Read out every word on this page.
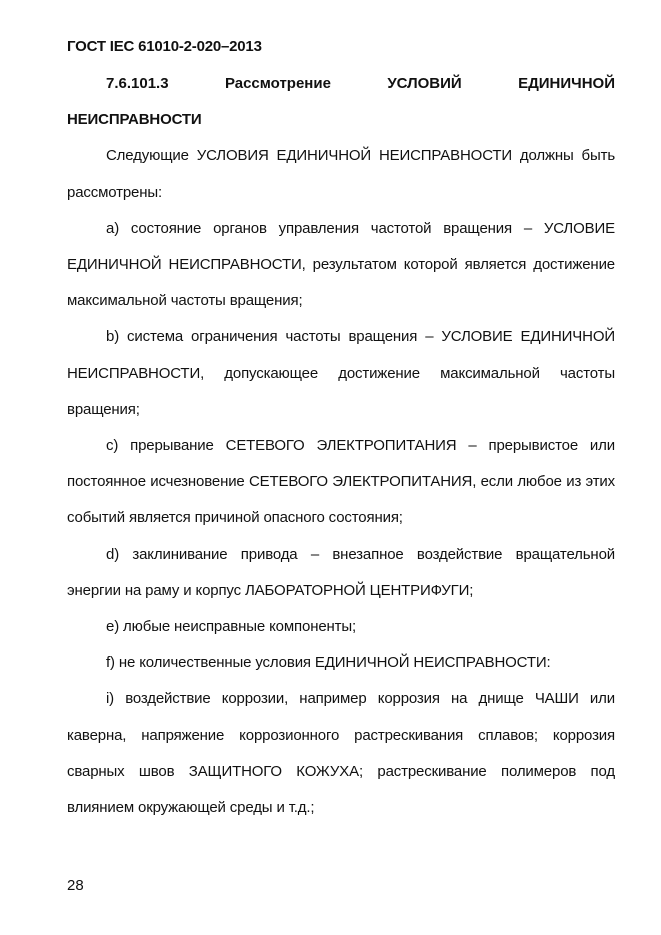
ГОСТ IEC 61010-2-020–2013
7.6.101.3	Рассмотрение	УСЛОВИЙ	ЕДИНИЧНОЙ

НЕИСПРАВНОСТИ

Следующие УСЛОВИЯ ЕДИНИЧНОЙ НЕИСПРАВНОСТИ должны быть рассмотрены:

a) состояние органов управления частотой вращения – УСЛОВИЕ ЕДИНИЧНОЙ НЕИСПРАВНОСТИ, результатом которой является достижение максимальной частоты вращения;

b) система ограничения частоты вращения – УСЛОВИЕ ЕДИНИЧНОЙ НЕИСПРАВНОСТИ, допускающее достижение максимальной частоты вращения;

c) прерывание СЕТЕВОГО ЭЛЕКТРОПИТАНИЯ – прерывистое или постоянное исчезновение СЕТЕВОГО ЭЛЕКТРОПИТАНИЯ, если любое из этих событий является причиной опасного состояния;

d) заклинивание привода – внезапное воздействие вращательной энергии на раму и корпус ЛАБОРАТОРНОЙ ЦЕНТРИФУГИ;

e) любые неисправные компоненты;

f) не количественные условия ЕДИНИЧНОЙ НЕИСПРАВНОСТИ:

i) воздействие коррозии, например коррозия на днище ЧАШИ или каверна, напряжение коррозионного растрескивания сплавов; коррозия сварных швов ЗАЩИТНОГО КОЖУХА; растрескивание полимеров под влиянием окружающей среды и т.д.;

28
